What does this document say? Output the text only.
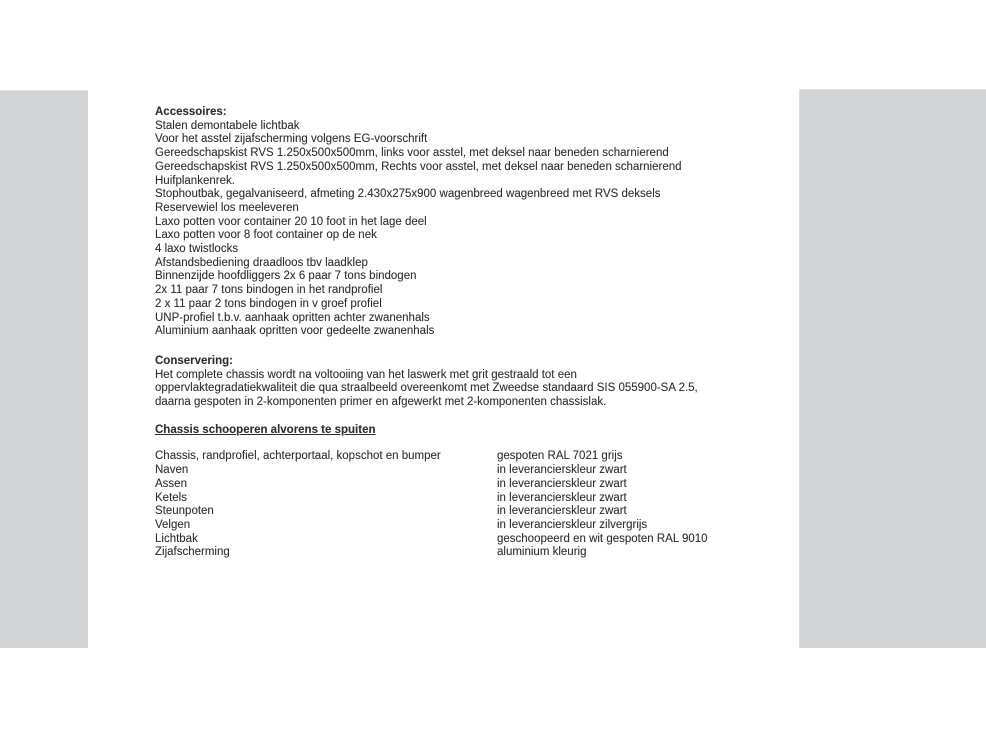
Accessoires:
Stalen demontabele lichtbak
Voor het asstel zijafscherming volgens EG-voorschrift
Gereedschapskist RVS 1.250x500x500mm, links voor asstel, met deksel naar beneden scharnierend
Gereedschapskist RVS 1.250x500x500mm, Rechts voor asstel, met deksel naar beneden scharnierend
Huifplankenrek.
Stophoutbak, gegalvaniseerd, afmeting 2.430x275x900 wagenbreed wagenbreed met RVS deksels
Reservewiel los meeleveren
Laxo potten voor container 20 10 foot in het lage deel
Laxo potten voor 8 foot container op de nek
4 laxo twistlocks
Afstandsbediening draadloos tbv laadklep
Binnenzijde hoofdliggers 2x 6 paar 7 tons bindogen
2x 11 paar 7 tons bindogen in het randprofiel
2 x 11 paar 2 tons bindogen in v groef profiel
UNP-profiel t.b.v. aanhaak opritten achter zwanenhals
Aluminium aanhaak opritten voor gedeelte zwanenhals
Conservering:
Het complete chassis wordt na voltooiing van het laswerk met grit gestraald tot een
oppervlaktegradatiekwaliteit die qua straalbeeld overeenkomt met Zweedse standaard SIS 055900-SA 2.5,
daarna gespoten in 2-komponenten primer en afgewerkt met 2-komponenten chassislak.
Chassis schooperen alvorens te spuiten
Chassis, randprofiel, achterportaal, kopschot en bumper	gespoten RAL 7021 grijs
Naven	in leverancierskleur zwart
Assen	in leverancierskleur zwart
Ketels	in leverancierskleur zwart
Steunpoten	in leverancierskleur zwart
Velgen	in leverancierskleur zilvergrijs
Lichtbak	geschoopeerd en wit gespoten RAL 9010
Zijafscherming	aluminium kleurig
